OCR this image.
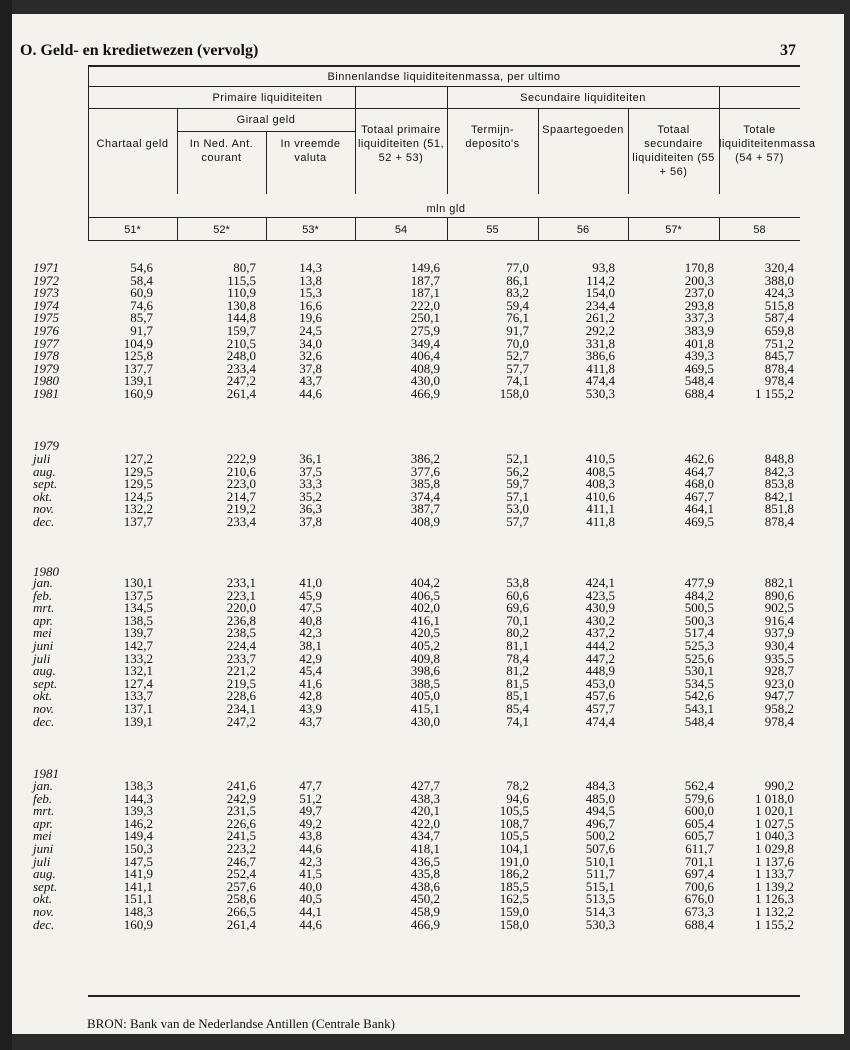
O. Geld- en kredietwezen (vervolg)	37
Binnenlandse liquiditeitenmassa, per ultimo
Primaire liquiditeiten	Secundaire liquiditeiten
Giraal geld
Chartaal geld	In Ned. Ant. courant
In vreemde valuta
Totaal primaire liquiditeiten (51, 52 + 53)
Termijn-deposito's
Spaartegoeden	Totaal secundaire liquiditeiten (55 + 56)
Totale liquiditeitenmassa (54 + 57)
mln gld
51*	52*	53*	54	55	56	57*	58
1971	54,6	80,7	14,3	149,6	77,0	93,8	170,8	320,4
1972	58,4	115,5	13,8	187,7	86,1	114,2	200,3	388,0
1973	60,9	110,9	15,3	187,1	83,2	154,0	237,0	424,3
1974	74,6	130,8	16,6	222,0	59,4	234,4	293,8	515,8
1975	85,7	144,8	19,6	250,1	76,1	261,2	337,3	587,4
1976	91,7	159,7	24,5	275,9	91,7	292,2	383,9	659,8
1977	104,9	210,5	34,0	349,4	70,0	331,8	401,8	751,2
1978	125,8	248,0	32,6	406,4	52,7	386,6	439,3	845,7
1979	137,7	233,4	37,8	408,9	57,7	411,8	469,5	878,4
1980	139,1	247,2	43,7	430,0	74,1	474,4	548,4	978,4
1981	160,9	261,4	44,6	466,9	158,0	530,3	688,4	1 155,2
1979
juli	127,2	222,9	36,1	386,2	52,1	410,5	462,6	848,8
aug.	129,5	210,6	37,5	377,6	56,2	408,5	464,7	842,3
sept.	129,5	223,0	33,3	385,8	59,7	408,3	468,0	853,8
okt.	124,5	214,7	35,2	374,4	57,1	410,6	467,7	842,1
nov.	132,2	219,2	36,3	387,7	53,0	411,1	464,1	851,8
dec.	137,7	233,4	37,8	408,9	57,7	411,8	469,5	878,4
1980
jan.	130,1	233,1	41,0	404,2	53,8	424,1	477,9	882,1
feb.	137,5	223,1	45,9	406,5	60,6	423,5	484,2	890,6
mrt.	134,5	220,0	47,5	402,0	69,6	430,9	500,5	902,5
apr.	138,5	236,8	40,8	416,1	70,1	430,2	500,3	916,4
mei	139,7	238,5	42,3	420,5	80,2	437,2	517,4	937,9
juni	142,7	224,4	38,1	405,2	81,1	444,2	525,3	930,4
juli	133,2	233,7	42,9	409,8	78,4	447,2	525,6	935,5
aug.	132,1	221,2	45,4	398,6	81,2	448,9	530,1	928,7
sept.	127,4	219,5	41,6	388,5	81,5	453,0	534,5	923,0
okt.	133,7	228,6	42,8	405,0	85,1	457,6	542,6	947,7
nov.	137,1	234,1	43,9	415,1	85,4	457,7	543,1	958,2
dec.	139,1	247,2	43,7	430,0	74,1	474,4	548,4	978,4
1981
jan.	138,3	241,6	47,7	427,7	78,2	484,3	562,4	990,2
feb.	144,3	242,9	51,2	438,3	94,6	485,0	579,6	1 018,0
mrt.	139,3	231,5	49,7	420,1	105,5	494,5	600,0	1 020,1
apr.	146,2	226,6	49,2	422,0	108,7	496,7	605,4	1 027,5
mei	149,4	241,5	43,8	434,7	105,5	500,2	605,7	1 040,3
juni	150,3	223,2	44,6	418,1	104,1	507,6	611,7	1 029,8
juli	147,5	246,7	42,3	436,5	191,0	510,1	701,1	1 137,6
aug.	141,9	252,4	41,5	435,8	186,2	511,7	697,4	1 133,7
sept.	141,1	257,6	40,0	438,6	185,5	515,1	700,6	1 139,2
okt.	151,1	258,6	40,5	450,2	162,5	513,5	676,0	1 126,3
nov.	148,3	266,5	44,1	458,9	159,0	514,3	673,3	1 132,2
dec.	160,9	261,4	44,6	466,9	158,0	530,3	688,4	1 155,2
BRON: Bank van de Nederlandse Antillen (Centrale Bank)
